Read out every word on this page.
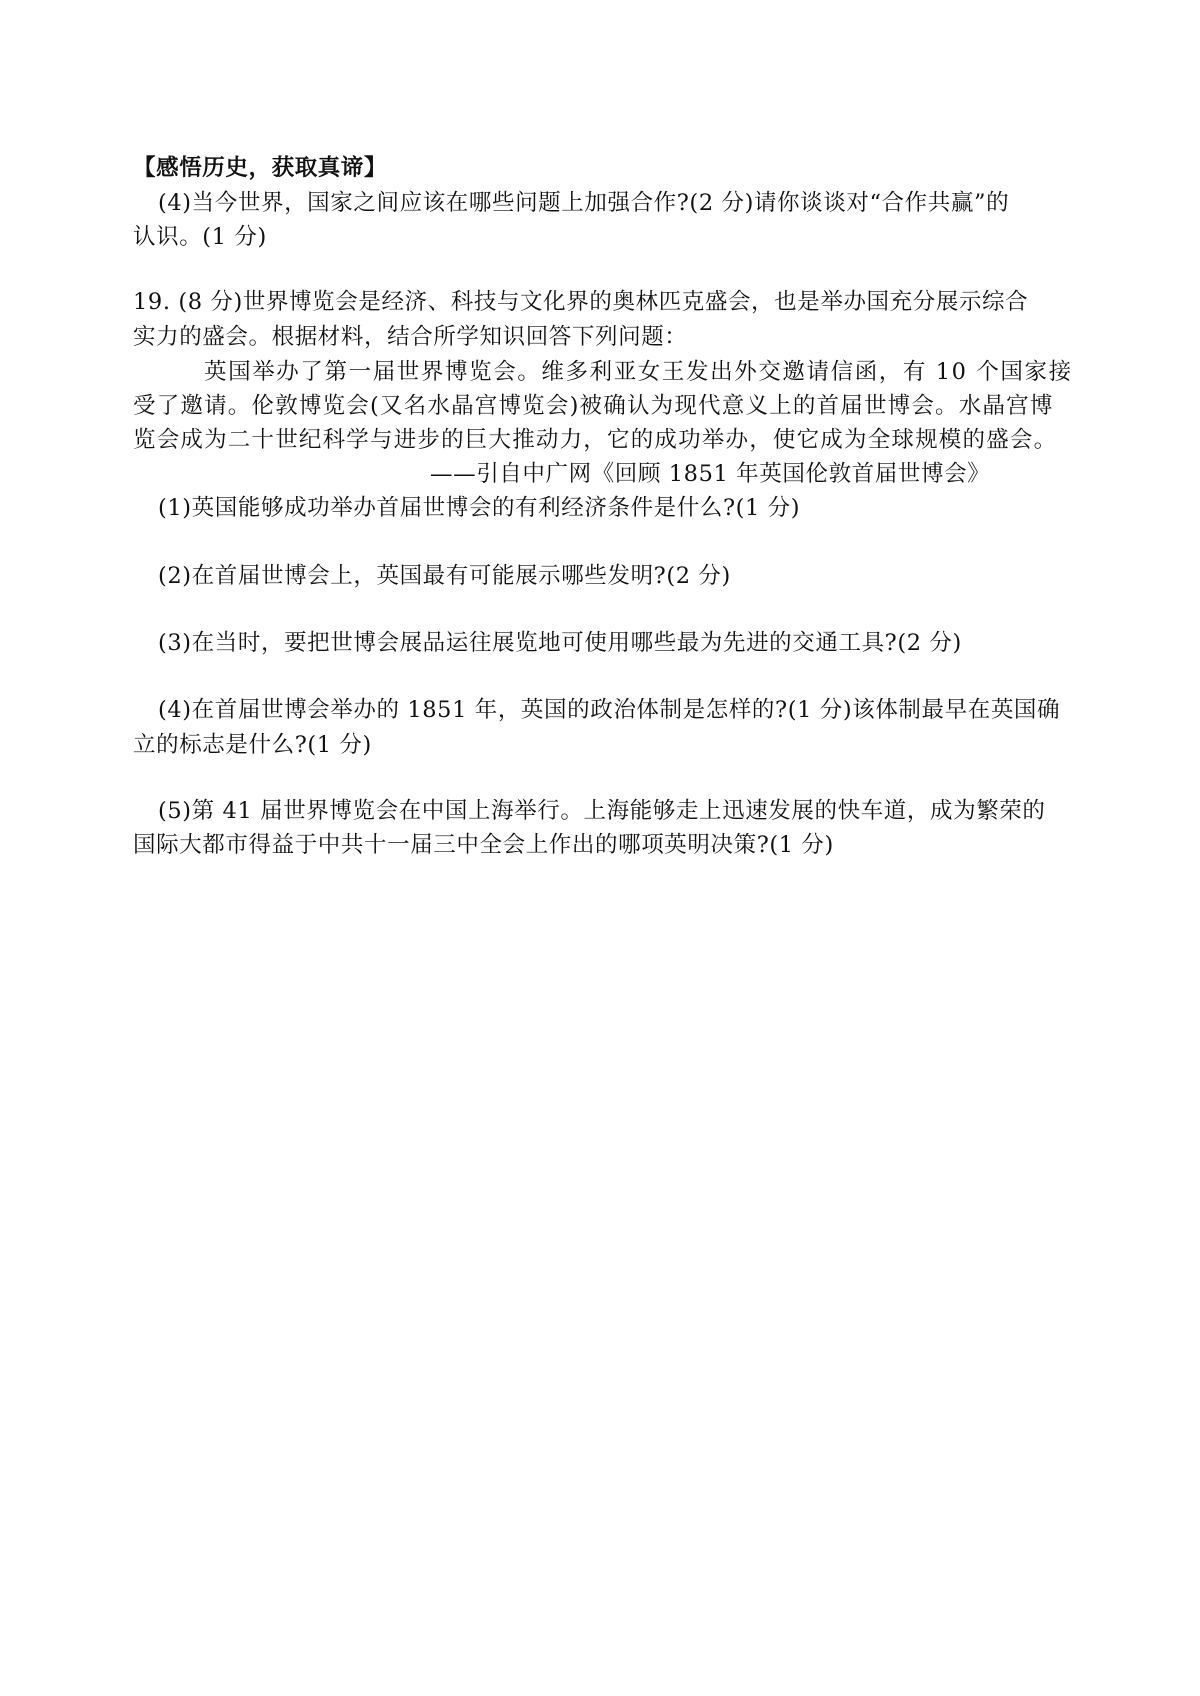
【感悟历史，获取真谛】
(4)当今世界，国家之间应该在哪些问题上加强合作?(2 分)请你谈谈对“合作共赢”的
认识。(1 分)
19. (8 分)世界博览会是经济、科技与文化界的奥林匹克盛会，也是举办国充分展示综合
实力的盛会。根据材料，结合所学知识回答下列问题：
英国举办了第一届世界博览会。维多利亚女王发出外交邀请信函，有 10 个国家接
受了邀请。伦敦博览会(又名水晶宫博览会)被确认为现代意义上的首届世博会。水晶宫博
览会成为二十世纪科学与进步的巨大推动力，它的成功举办，使它成为全球规模的盛会。
——引自中广网《回顾 1851 年英国伦敦首届世博会》
(1)英国能够成功举办首届世博会的有利经济条件是什么?(1 分)
(2)在首届世博会上，英国最有可能展示哪些发明?(2 分)
(3)在当时，要把世博会展品运往展览地可使用哪些最为先进的交通工具?(2 分)
(4)在首届世博会举办的 1851 年，英国的政治体制是怎样的?(1 分)该体制最早在英国确
立的标志是什么?(1 分)
(5)第 41 届世界博览会在中国上海举行。上海能够走上迅速发展的快车道，成为繁荣的
国际大都市得益于中共十一届三中全会上作出的哪项英明决策?(1 分)
